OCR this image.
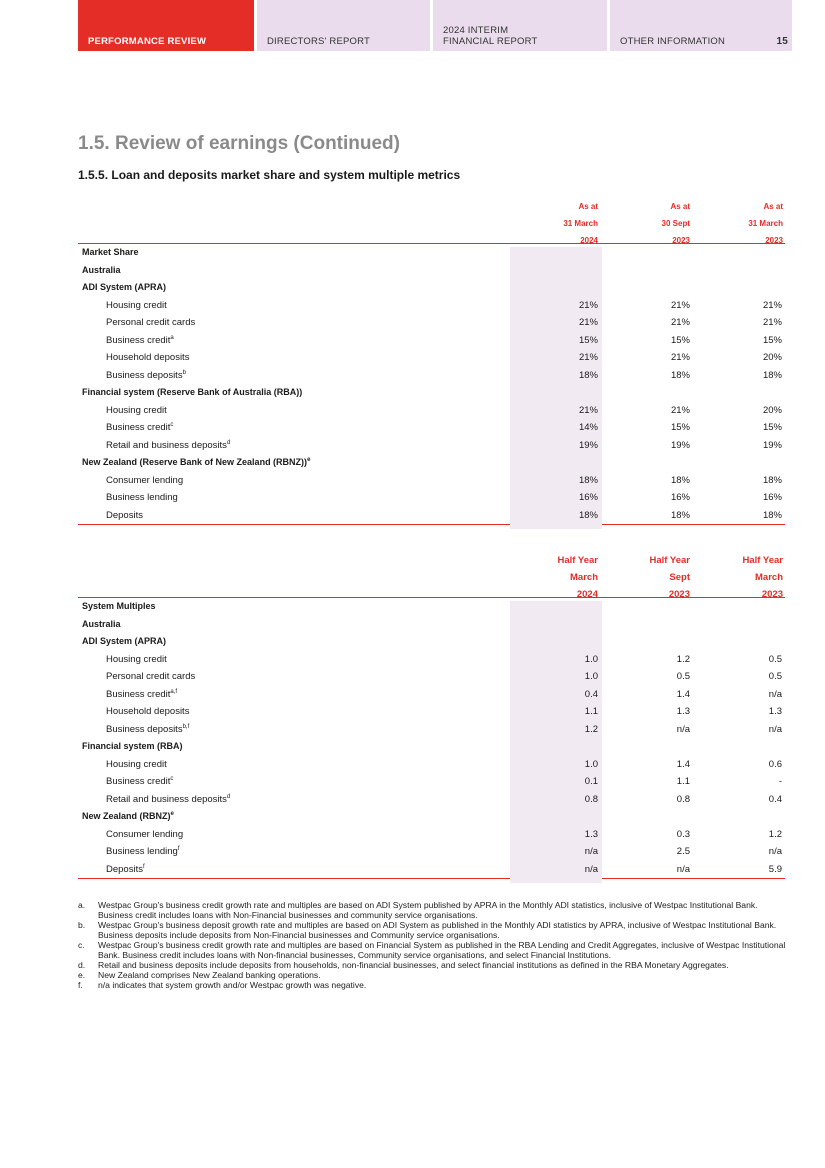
PERFORMANCE REVIEW	DIRECTORS' REPORT
2024 INTERIM
FINANCIAL REPORT	OTHER INFORMATION	15
1.5. Review of earnings (Continued)
1.5.5. Loan and deposits market share and system multiple metrics
As at
31 March
2024
As at
30 Sept
2023
As at
31 March
2023
Market Share
Australia
ADI System (APRA)
Housing credit	21%	21%	21%
Personal credit cards	21%	21%	21%
Business credit$^a$	15%	15%	15%
Household deposits	21%	21%	20%
Business deposits$^b$	18%	18%	18%
Financial system (Reserve Bank of Australia (RBA))
Housing credit	21%	21%	20%
Business credit$^c$	14%	15%	15%
Retail and business deposits$^d$	19%	19%	19%
New Zealand (Reserve Bank of New Zealand (RBNZ))$^e$
Consumer lending	18%	18%	18%
Business lending	16%	16%	16%
Deposits	18%	18%	18%
Half Year
March
2024
Half Year
Sept
2023
Half Year
March
2023
System Multiples
Australia
ADI System (APRA)
Housing credit	1.0	1.2	0.5
Personal credit cards	1.0	0.5	0.5
Business credit$^{a,f}$	0.4	1.4	n/a
Household deposits	1.1	1.3	1.3
Business deposits$^{b,f}$	1.2	n/a	n/a
Financial system (RBA)
Housing credit	1.0	1.4	0.6
Business credit$^c$	0.1	1.1	-
Retail and business deposits$^d$	0.8	0.8	0.4
New Zealand (RBNZ)$^e$
Consumer lending	1.3	0.3	1.2
Business lending$^f$	n/a	2.5	n/a
Deposits$^f$	n/a	n/a	5.9

a. Westpac Group's business credit growth rate and multiples are based on ADI System published by APRA in the Monthly ADI statistics, inclusive of Westpac Institutional Bank. Business credit includes loans with Non-Financial businesses and community service organisations.

b. Westpac Group's business deposit growth rate and multiples are based on ADI System as published in the Monthly ADI statistics by APRA, inclusive of Westpac Institutional Bank. Business deposits include deposits from Non-Financial businesses and Community service organisations.

c. Westpac Group's business credit growth rate and multiples are based on Financial System as published in the RBA Lending and Credit Aggregates, inclusive of Westpac Institutional Bank. Business credit includes loans with Non-financial businesses, Community service organisations, and select Financial Institutions.

d. Retail and business deposits include deposits from households, non-financial businesses, and select financial institutions as defined in the RBA Monetary Aggregates.

e. New Zealand comprises New Zealand banking operations.

f. n/a indicates that system growth and/or Westpac growth was negative.
